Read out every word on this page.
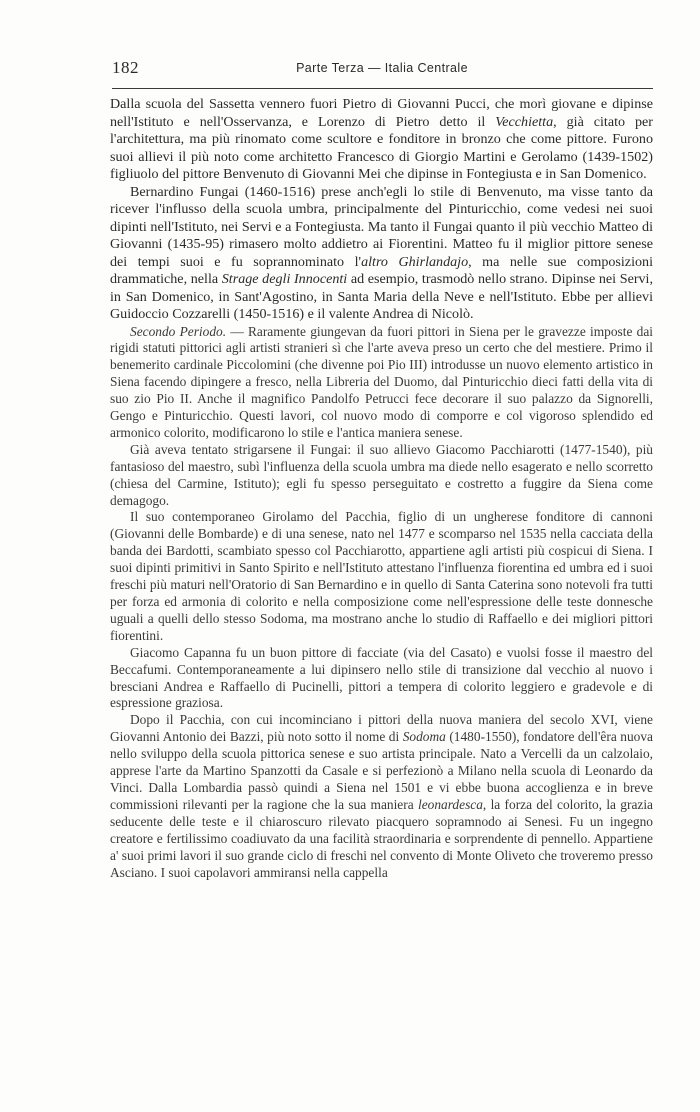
182	Parte Terza — Italia Centrale

Dalla scuola del Sassetta vennero fuori Pietro di Giovanni Pucci, che morì giovane e dipinse nell'Istituto e nell'Osservanza, e Lorenzo di Pietro detto il Vecchietta, già citato per l'architettura, ma più rinomato come scultore e fonditore in bronzo che come pittore. Furono suoi allievi il più noto come architetto Francesco di Giorgio Martini e Gerolamo (1439-1502) figliuolo del pittore Benvenuto di Giovanni Mei che dipinse in Fontegiusta e in San Domenico.

Bernardino Fungai (1460-1516) prese anch'egli lo stile di Benvenuto, ma visse tanto da ricever l'influsso della scuola umbra, principalmente del Pinturicchio, come vedesi nei suoi dipinti nell'Istituto, nei Servi e a Fontegiusta. Ma tanto il Fungai quanto il più vecchio Matteo di Giovanni (1435-95) rimasero molto addietro ai Fiorentini. Matteo fu il miglior pittore senese dei tempi suoi e fu soprannominato l'altro Ghirlandajo, ma nelle sue composizioni drammatiche, nella Strage degli Innocenti ad esempio, trasmodò nello strano. Dipinse nei Servi, in San Domenico, in Sant'Agostino, in Santa Maria della Neve e nell'Istituto. Ebbe per allievi Guidoccio Cozzarelli (1450-1516) e il valente Andrea di Nicolò.

Secondo Periodo. — Raramente giungevan da fuori pittori in Siena per le gravezze imposte dai rigidi statuti pittorici agli artisti stranieri sì che l'arte aveva preso un certo che del mestiere. Primo il benemerito cardinale Piccolomini (che divenne poi Pio III) introdusse un nuovo elemento artistico in Siena facendo dipingere a fresco, nella Libreria del Duomo, dal Pinturicchio dieci fatti della vita di suo zio Pio II. Anche il magnifico Pandolfo Petrucci fece decorare il suo palazzo da Signorelli, Gengo e Pinturicchio. Questi lavori, col nuovo modo di comporre e col vigoroso splendido ed armonico colorito, modificarono lo stile e l'antica maniera senese.

Già aveva tentato strigarsene il Fungai: il suo allievo Giacomo Pacchiarotti (1477-1540), più fantasioso del maestro, subì l'influenza della scuola umbra ma diede nello esagerato e nello scorretto (chiesa del Carmine, Istituto); egli fu spesso perseguitato e costretto a fuggire da Siena come demagogo.

Il suo contemporaneo Girolamo del Pacchia, figlio di un ungherese fonditore di cannoni (Giovanni delle Bombarde) e di una senese, nato nel 1477 e scomparso nel 1535 nella cacciata della banda dei Bardotti, scambiato spesso col Pacchiarotto, appartiene agli artisti più cospicui di Siena. I suoi dipinti primitivi in Santo Spirito e nell'Istituto attestano l'influenza fiorentina ed umbra ed i suoi freschi più maturi nell'Oratorio di San Bernardino e in quello di Santa Caterina sono notevoli fra tutti per forza ed armonia di colorito e nella composizione come nell'espressione delle teste donnesche uguali a quelli dello stesso Sodoma, ma mostrano anche lo studio di Raffaello e dei migliori pittori fiorentini.

Giacomo Capanna fu un buon pittore di facciate (via del Casato) e vuolsi fosse il maestro del Beccafumi. Contemporaneamente a lui dipinsero nello stile di transizione dal vecchio al nuovo i bresciani Andrea e Raffaello di Pucinelli, pittori a tempera di colorito leggiero e gradevole e di espressione graziosa.

Dopo il Pacchia, con cui incominciano i pittori della nuova maniera del secolo XVI, viene Giovanni Antonio dei Bazzi, più noto sotto il nome di Sodoma (1480-1550), fondatore dell'êra nuova nello sviluppo della scuola pittorica senese e suo artista principale. Nato a Vercelli da un calzolaio, apprese l'arte da Martino Spanzotti da Casale e si perfezionò a Milano nella scuola di Leonardo da Vinci. Dalla Lombardia passò quindi a Siena nel 1501 e vi ebbe buona accoglienza e in breve commissioni rilevanti per la ragione che la sua maniera leonardesca, la forza del colorito, la grazia seducente delle teste e il chiaroscuro rilevato piacquero sopramnodo ai Senesi. Fu un ingegno creatore e fertilissimo coadiuvato da una facilità straordinaria e sorprendente di pennello. Appartiene a' suoi primi lavori il suo grande ciclo di freschi nel convento di Monte Oliveto che troveremo presso Asciano. I suoi capolavori ammiransi nella cappella
